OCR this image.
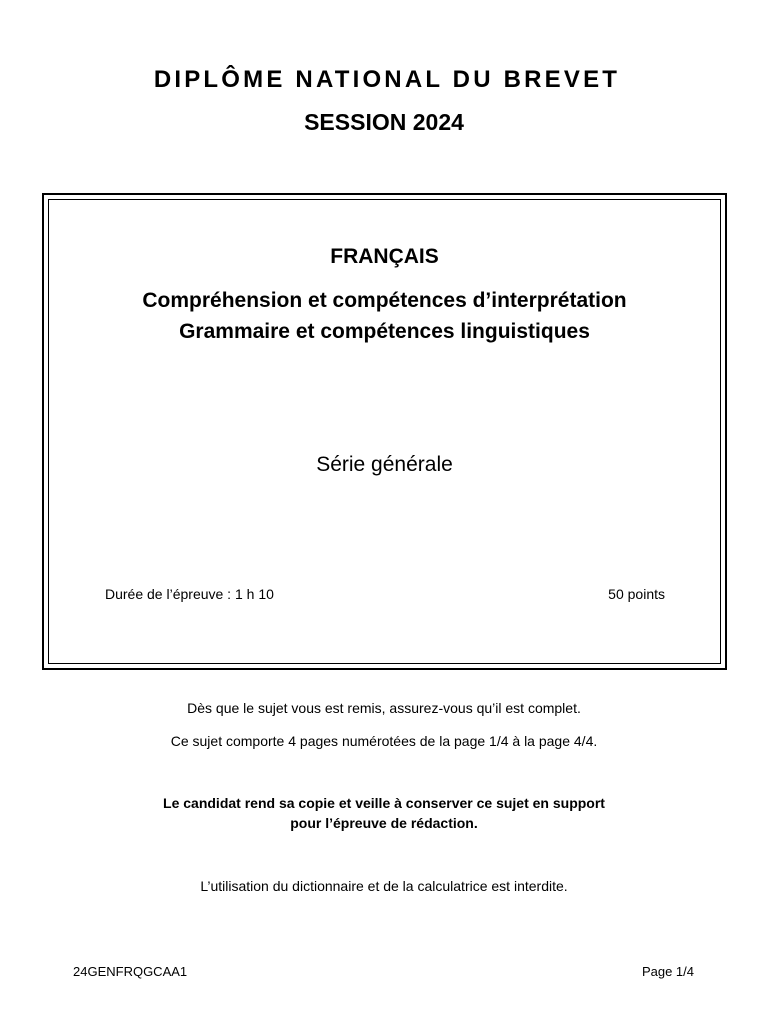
DIPLÔME NATIONAL DU BREVET
SESSION 2024

FRANÇAIS

Compréhension et compétences d’interprétation

Grammaire et compétences linguistiques

Série générale

Durée de l’épreuve : 1 h 10	50 points

Dès que le sujet vous est remis, assurez-vous qu’il est complet.

Ce sujet comporte 4 pages numérotées de la page 1/4 à la page 4/4.

Le candidat rend sa copie et veille à conserver ce sujet en support

pour l’épreuve de rédaction.

L’utilisation du dictionnaire et de la calculatrice est interdite.

24GENFRQGCAA1	Page 1/4
